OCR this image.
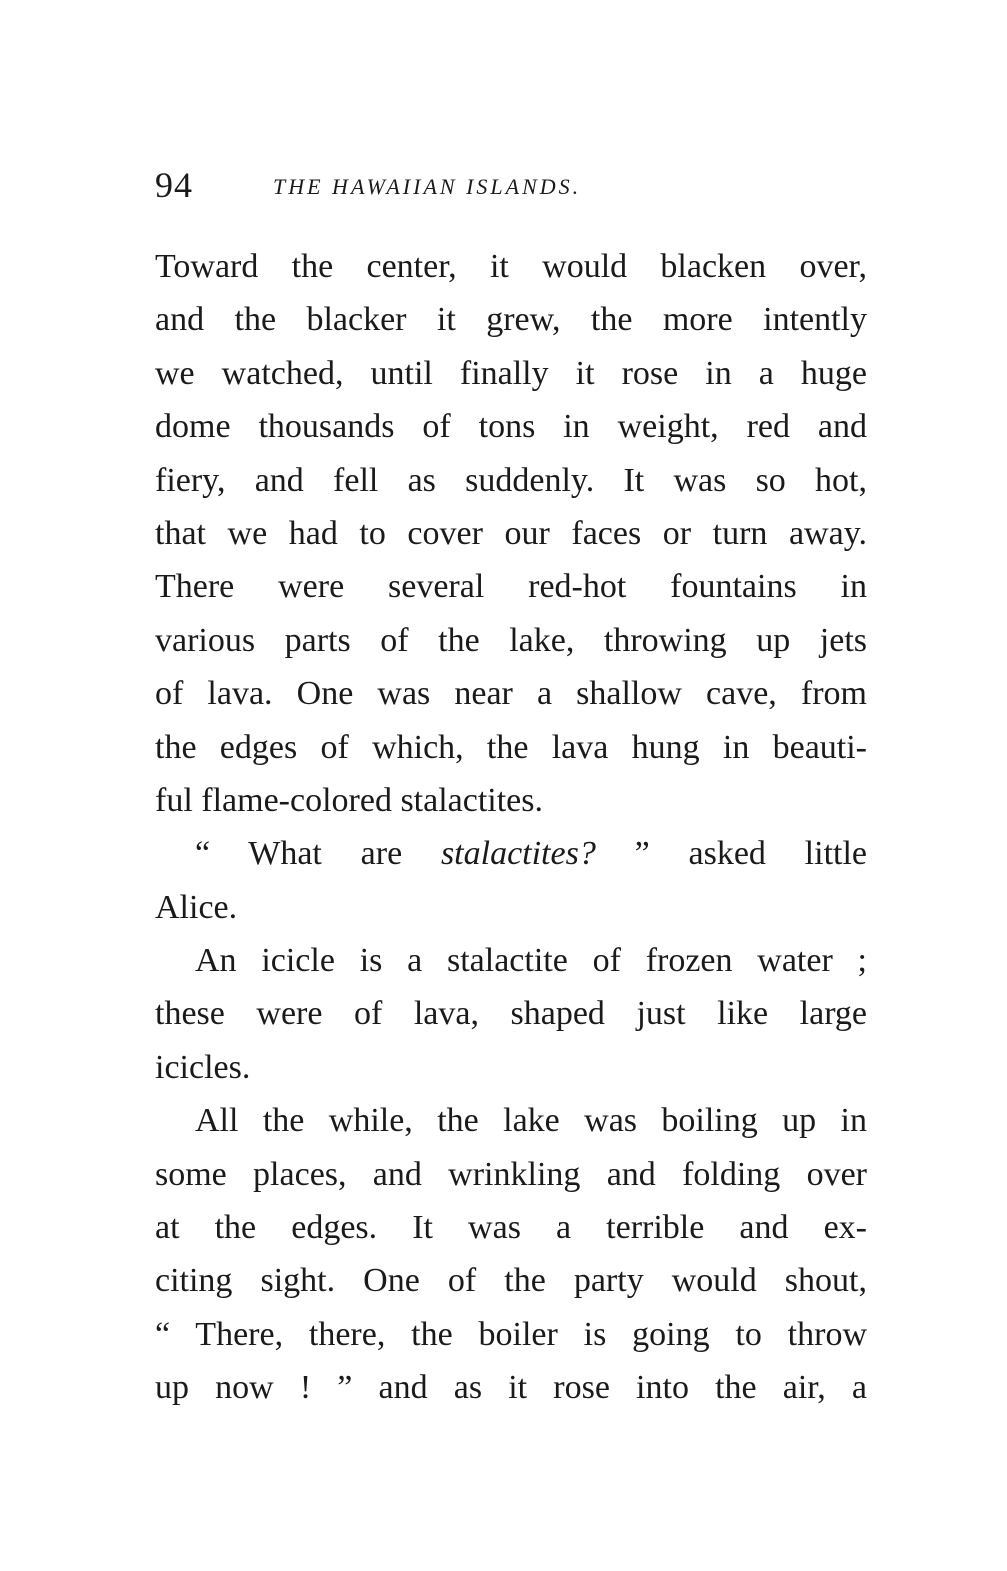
94	THE HAWAIIAN ISLANDS.
Toward the center, it would blacken over,
and the blacker it grew, the more intently
we watched, until finally it rose in a huge
dome thousands of tons in weight, red and
fiery, and fell as suddenly. It was so hot,
that we had to cover our faces or turn away.
There were several red-hot fountains in
various parts of the lake, throwing up jets
of lava. One was near a shallow cave, from
the edges of which, the lava hung in beauti-
ful flame-colored stalactites.
“ What are stalactites? ” asked little
Alice.
An icicle is a stalactite of frozen water ;
these were of lava, shaped just like large
icicles.
All the while, the lake was boiling up in
some places, and wrinkling and folding over
at the edges. It was a terrible and ex-
citing sight. One of the party would shout,
“ There, there, the boiler is going to throw
up now ! ” and as it rose into the air, a
